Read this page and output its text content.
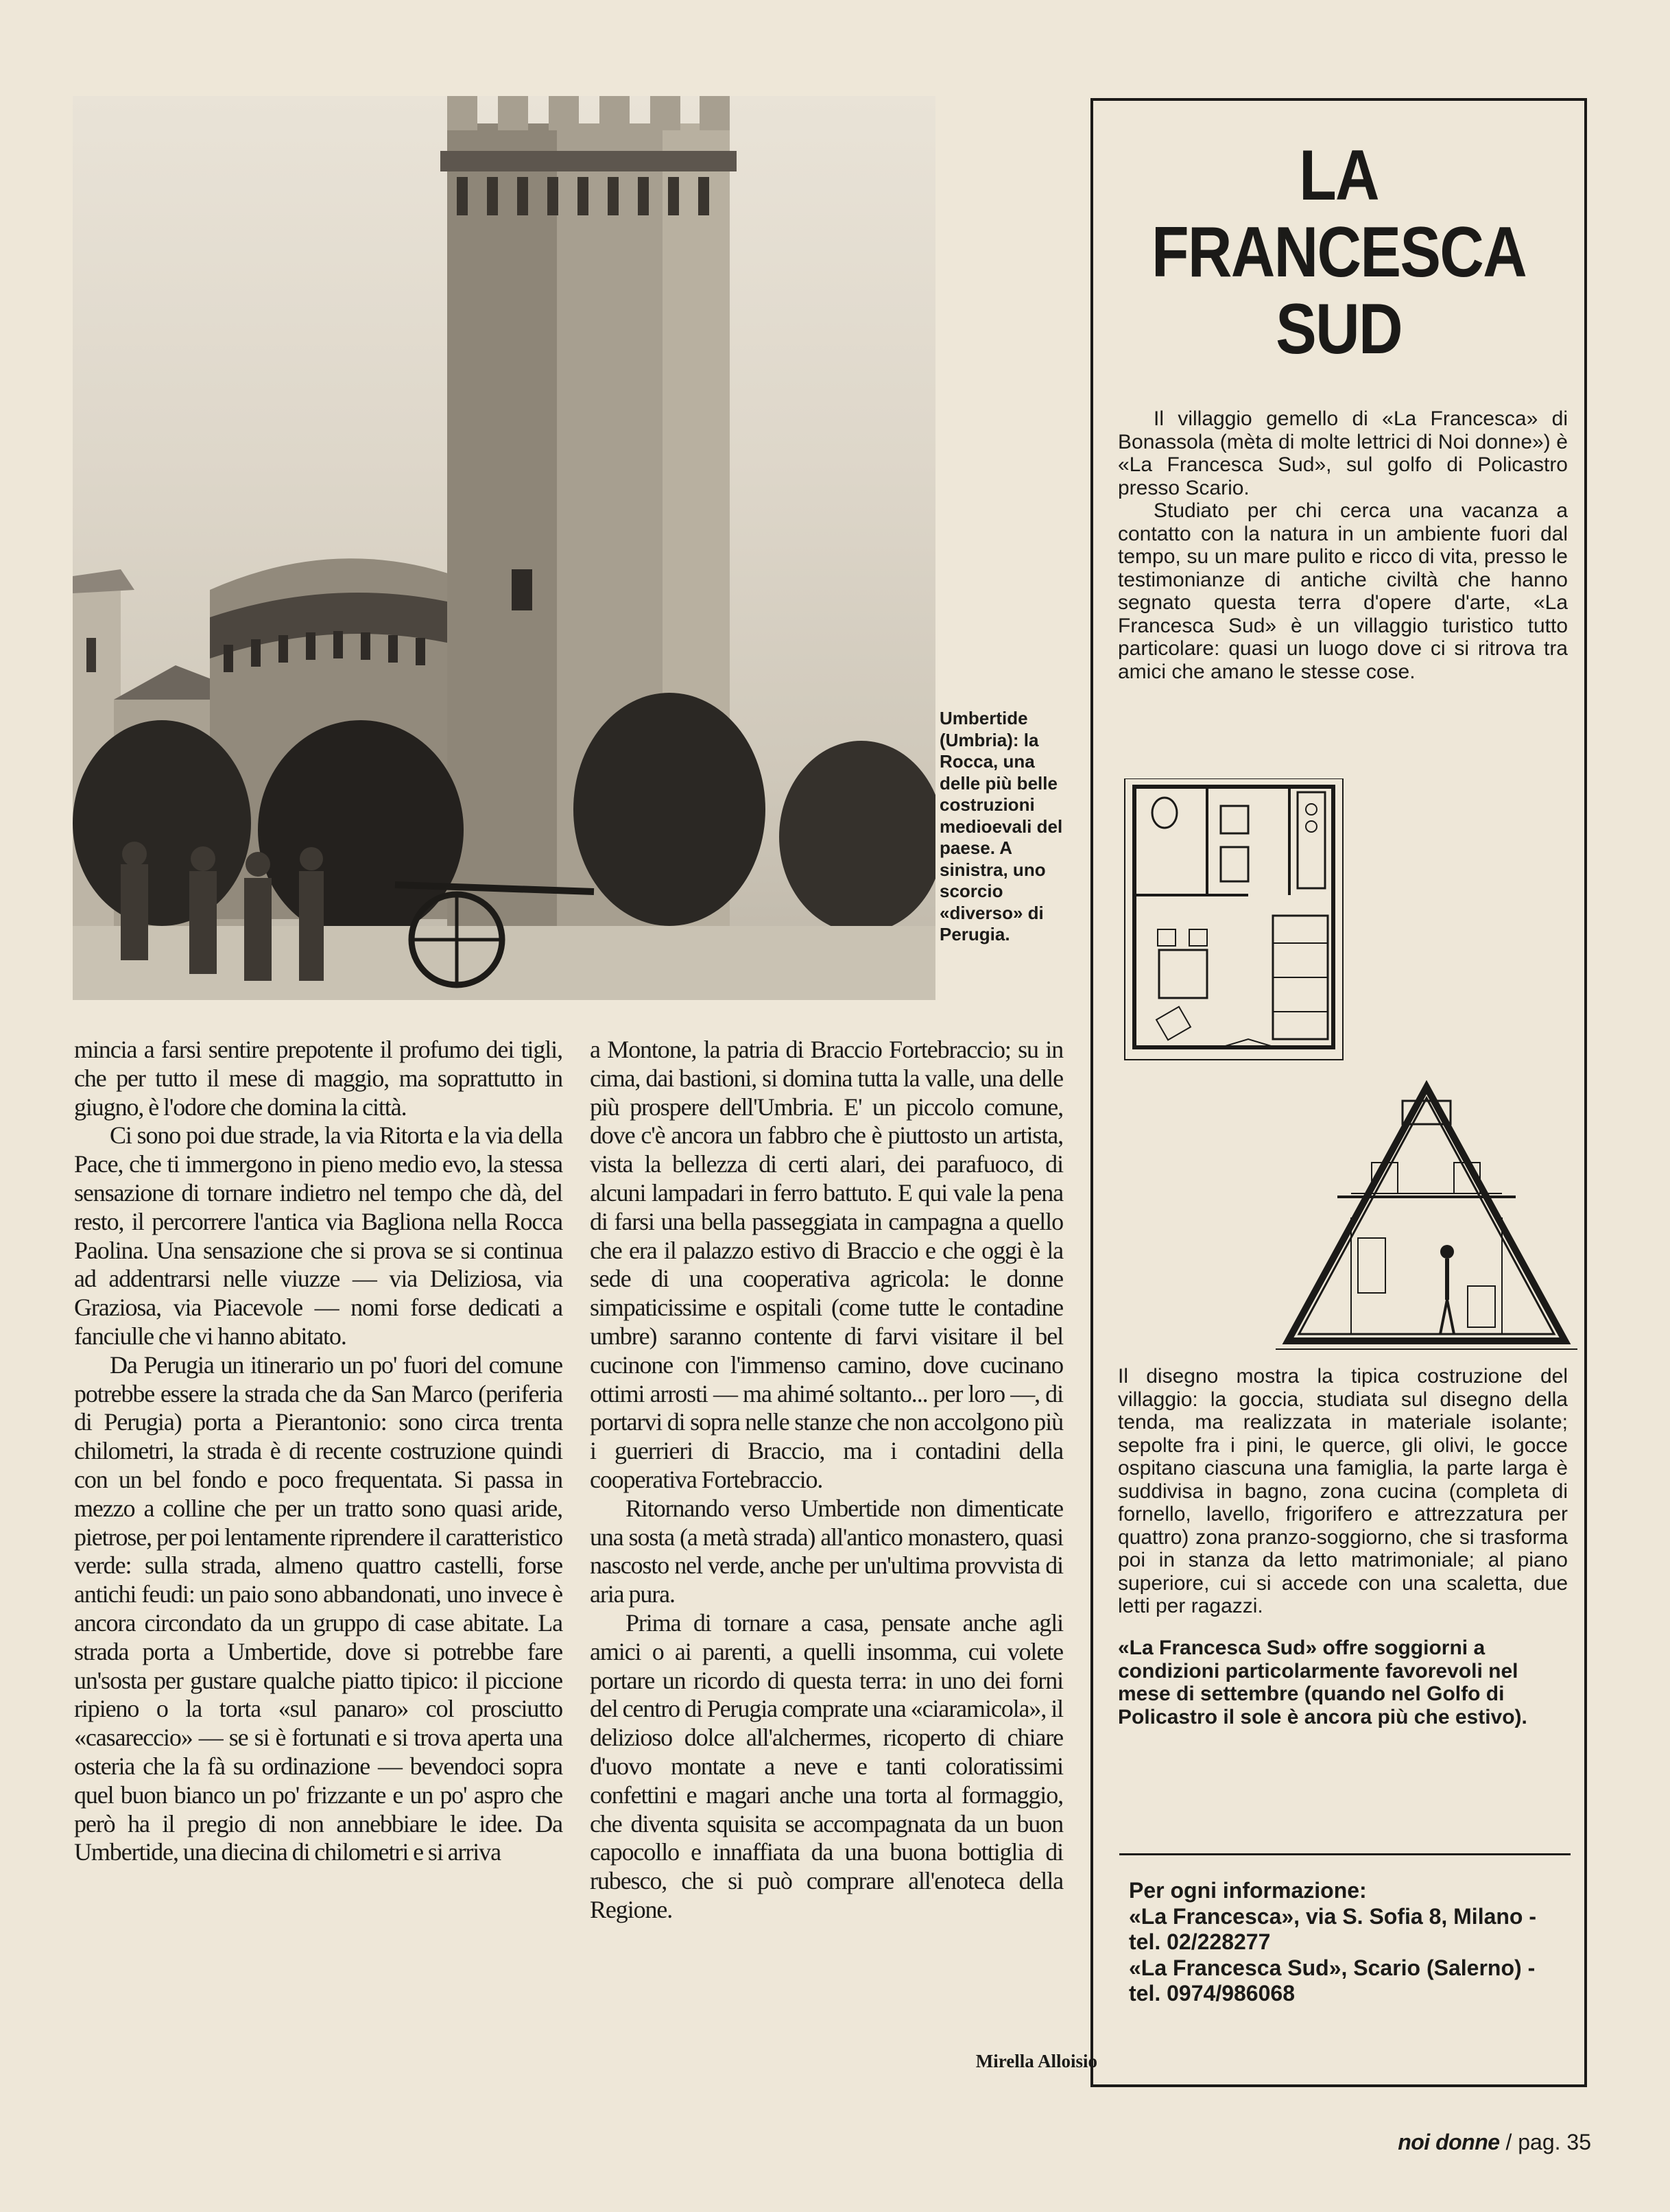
Umbertide (Umbria): la Rocca, una delle più belle costruzioni medioevali del paese. A sinistra, uno scorcio «diverso» di Perugia.

mincia a farsi sentire prepotente il profumo dei tigli, che per tutto il mese di maggio, ma soprattutto in giugno, è l'odore che domina la città.

Ci sono poi due strade, la via Ritorta e la via della Pace, che ti immergono in pieno medio evo, la stessa sensazione di tornare indietro nel tempo che dà, del resto, il percorrere l'antica via Bagliona nella Rocca Paolina. Una sensazione che si prova se si continua ad addentrarsi nelle viuzze — via Deliziosa, via Graziosa, via Piacevole — nomi forse dedicati a fanciulle che vi hanno abitato.

Da Perugia un itinerario un po' fuori del comune potrebbe essere la strada che da San Marco (periferia di Perugia) porta a Pierantonio: sono circa trenta chilometri, la strada è di recente costruzione quindi con un bel fondo e poco frequentata. Si passa in mezzo a colline che per un tratto sono quasi aride, pietrose, per poi lentamente riprendere il caratteristico verde: sulla strada, almeno quattro castelli, forse antichi feudi: un paio sono abbandonati, uno invece è ancora circondato da un gruppo di case abitate. La strada porta a Umbertide, dove si potrebbe fare un'sosta per gustare qualche piatto tipico: il piccione ripieno o la torta «sul panaro» col prosciutto «casareccio» — se si è fortunati e si trova aperta una osteria che la fà su ordinazione — bevendoci sopra quel buon bianco un po' frizzante e un po' aspro che però ha il pregio di non annebbiare le idee. Da Umbertide, una diecina di chilometri e si arriva

a Montone, la patria di Braccio Fortebraccio; su in cima, dai bastioni, si domina tutta la valle, una delle più prospere dell'Umbria. E' un piccolo comune, dove c'è ancora un fabbro che è piuttosto un artista, vista la bellezza di certi alari, dei parafuoco, di alcuni lampadari in ferro battuto. E qui vale la pena di farsi una bella passeggiata in campagna a quello che era il palazzo estivo di Braccio e che oggi è la sede di una cooperativa agricola: le donne simpaticissime e ospitali (come tutte le contadine umbre) saranno contente di farvi visitare il bel cucinone con l'immenso camino, dove cucinano ottimi arrosti — ma ahimé soltanto... per loro —, di portarvi di sopra nelle stanze che non accolgono più i guerrieri di Braccio, ma i contadini della cooperativa Fortebraccio.

Ritornando verso Umbertide non dimenticate una sosta (a metà strada) all'antico monastero, quasi nascosto nel verde, anche per un'ultima provvista di aria pura.

Prima di tornare a casa, pensate anche agli amici o ai parenti, a quelli insomma, cui volete portare un ricordo di questa terra: in uno dei forni del centro di Perugia comprate una «ciaramicola», il delizioso dolce all'alchermes, ricoperto di chiare d'uovo montate a neve e tanti coloratissimi confettini e magari anche una torta al formaggio, che diventa squisita se accompagnata da un buon capocollo e innaffiata da una buona bottiglia di rubesco, che si può comprare all'enoteca della Regione.

Mirella Alloisio
LA
FRANCESCA
SUD

Il villaggio gemello di «La Francesca» di Bonassola (mèta di molte lettrici di Noi donne») è «La Francesca Sud», sul golfo di Policastro presso Scario.

Studiato per chi cerca una vacanza a contatto con la natura in un ambiente fuori dal tempo, su un mare pulito e ricco di vita, presso le testimonianze di antiche civiltà che hanno segnato questa terra d'opere d'arte, «La Francesca Sud» è un villaggio turistico tutto particolare: quasi un luogo dove ci si ritrova tra amici che amano le stesse cose.

Il disegno mostra la tipica costruzione del villaggio: la goccia, studiata sul disegno della tenda, ma realizzata in materiale isolante; sepolte fra i pini, le querce, gli olivi, le gocce ospitano ciascuna una famiglia, la parte larga è suddivisa in bagno, zona cucina (completa di fornello, lavello, frigorifero e attrezzatura per quattro) zona pranzo-soggiorno, che si trasforma poi in stanza da letto matrimoniale; al piano superiore, cui si accede con una scaletta, due letti per ragazzi.
«La Francesca Sud» offre soggiorni a condizioni particolarmente favorevoli nel mese di settembre (quando nel Golfo di Policastro il sole è ancora più che estivo).
Per ogni informazione:
«La Francesca», via S. Sofia 8, Milano - tel. 02/228277
«La Francesca Sud», Scario (Salerno) - tel. 0974/986068
noi donne / pag. 35
